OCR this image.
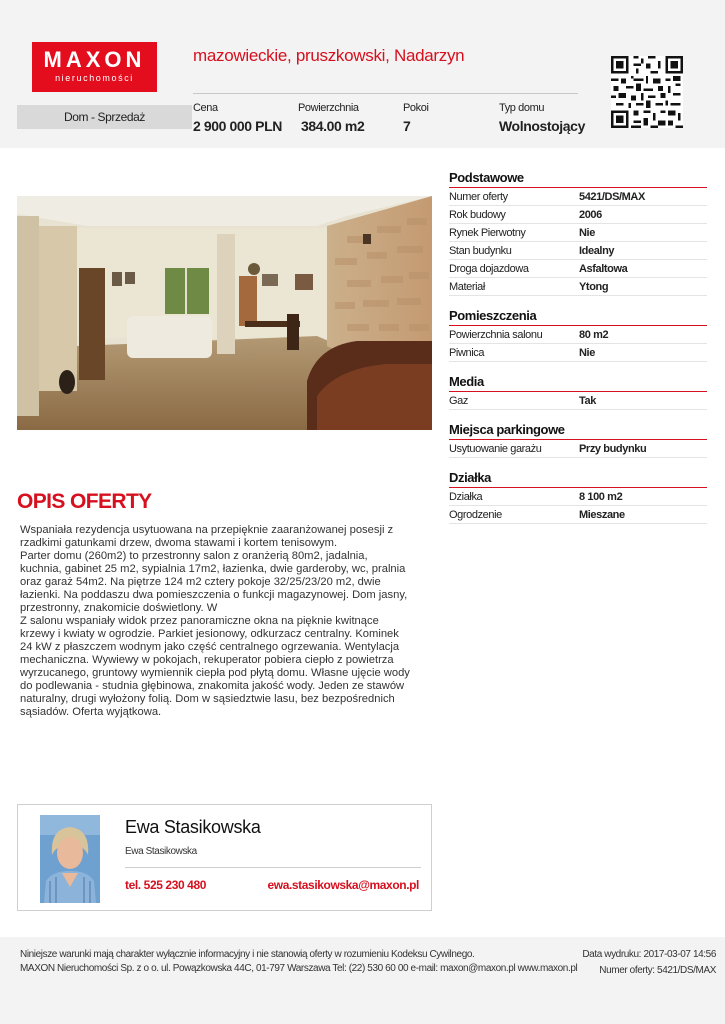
MAXON
nieruchomości
mazowieckie, pruszkowski, Nadarzyn
Dom - Sprzedaż
Cena
2 900 000 PLN
Powierzchnia
384.00 m2
Pokoi
7
Typ domu
Wolnostojący
Podstawowe
Numer oferty	5421/DS/MAX
Rok budowy	2006
Rynek Pierwotny	Nie
Stan budynku	Idealny
Droga dojazdowa	Asfaltowa
Materiał	Ytong
Pomieszczenia
Powierzchnia salonu	80 m2
Piwnica	Nie
Media
Gaz	Tak
Miejsca parkingowe
Usytuowanie garażu	Przy budynku
Działka
Działka	8 100 m2
Ogrodzenie	Mieszane
OPIS OFERTY

Wspaniała rezydencja usytuowana na przepięknie zaaranżowanej posesji z rzadkimi gatunkami drzew, dwoma stawami i kortem tenisowym.

Parter domu (260m2) to przestronny salon z oranżerią 80m2, jadalnia, kuchnia, gabinet 25 m2, sypialnia 17m2, łazienka, dwie garderoby, wc, pralnia oraz garaż 54m2. Na piętrze 124 m2 cztery pokoje 32/25/23/20 m2, dwie łazienki. Na poddaszu dwa pomieszczenia o funkcji magazynowej. Dom jasny, przestronny, znakomicie doświetlony. W

Z salonu wspaniały widok przez panoramiczne okna na pięknie kwitnące krzewy i kwiaty w ogrodzie. Parkiet jesionowy, odkurzacz centralny. Kominek 24 kW z płaszczem wodnym jako część centralnego ogrzewania. Wentylacja mechaniczna. Wywiewy w pokojach, rekuperator pobiera ciepło z powietrza wyrzucanego, gruntowy wymiennik ciepła pod płytą domu. Własne ujęcie wody do podlewania - studnia głębinowa, znakomita jakość wody. Jeden ze stawów naturalny, drugi wyłożony folią. Dom w sąsiedztwie lasu, bez bezpośrednich sąsiadów. Oferta wyjątkowa.

Ewa Stasikowska
Ewa Stasikowska
tel. 525 230 480	ewa.stasikowska@maxon.pl
Niniejsze warunki mają charakter wyłącznie informacyjny i nie stanowią oferty w rozumieniu Kodeksu Cywilnego.
MAXON Nieruchomości Sp. z o o. ul. Powązkowska 44C, 01-797 Warszawa Tel: (22) 530 60 00 e-mail: maxon@maxon.pl www.maxon.pl
Data wydruku: 2017-03-07 14:56
Numer oferty: 5421/DS/MAX
